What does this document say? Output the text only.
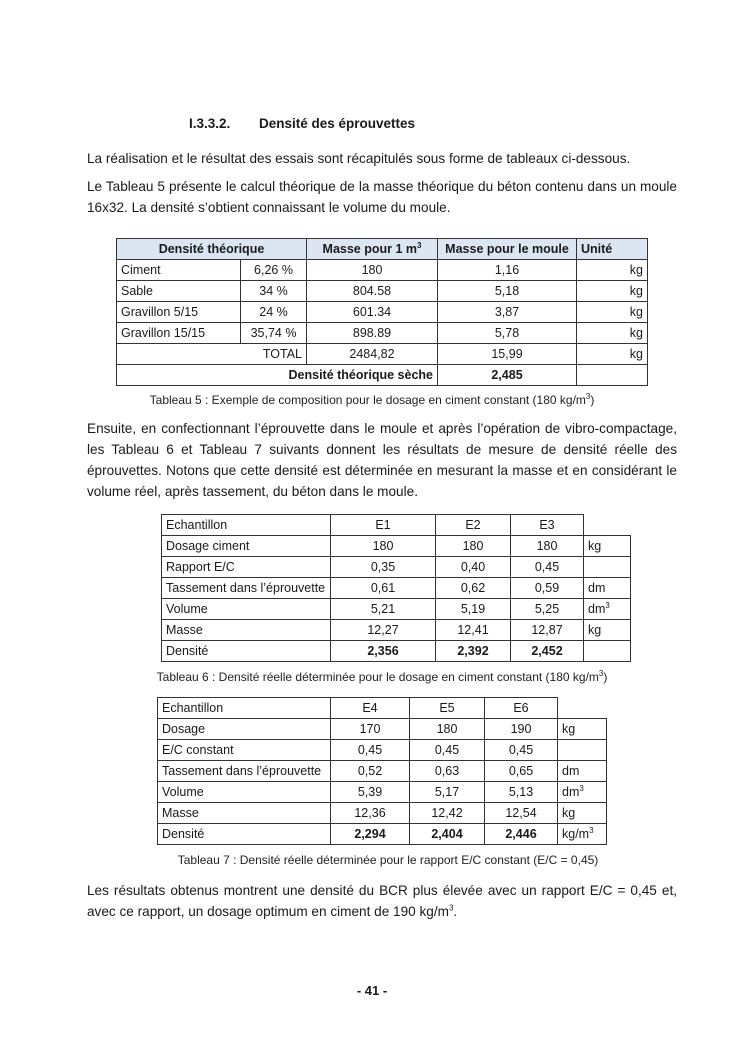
I.3.3.2. Densité des éprouvettes
La réalisation et le résultat des essais sont récapitulés sous forme de tableaux ci-dessous.
Le Tableau 5 présente le calcul théorique de la masse théorique du béton contenu dans un moule 16x32. La densité s’obtient connaissant le volume du moule.
Densité théorique		Masse pour 1 $m^3$	Masse pour le moule	Unité
Ciment	6,26 %	180	1,16	kg
Sable	34 %	804.58	5,18	kg
Gravillon 5/15	24 %	601.34	3,87	kg
Gravillon 15/15	35,74 %	898.89	5,78	kg
TOTAL		2484,82	15,99	kg
Densité théorique sèche			2,485	
Tableau 5 : Exemple de composition pour le dosage en ciment constant (180 $kg/m^3$)
Ensuite, en confectionnant l’éprouvette dans le moule et après l’opération de vibro-compactage, les Tableau 6 et Tableau 7 suivants donnent les résultats de mesure de densité réelle des éprouvettes. Notons que cette densité est déterminée en mesurant la masse et en considérant le volume réel, après tassement, du béton dans le moule.
Echantillon	E1	E2	E3	
Dosage ciment	180	180	180	kg
Rapport E/C	0,35	0,40	0,45	
Tassement dans l’éprouvette	0,61	0,62	0,59	dm
Volume	5,21	5,19	5,25	$dm^3$
Masse	12,27	12,41	12,87	kg
Densité	2,356	2,392	2,452	
Tableau 6 : Densité réelle déterminée pour le dosage en ciment constant (180 $kg/m^3$)
Echantillon	E4	E5	E6	
Dosage	170	180	190	kg
E/C constant	0,45	0,45	0,45	
Tassement dans l’éprouvette	0,52	0,63	0,65	dm
Volume	5,39	5,17	5,13	$dm^3$
Masse	12,36	12,42	12,54	kg
Densité	2,294	2,404	2,446	$kg/m^3$
Tableau 7 : Densité réelle déterminée pour le rapport E/C constant (E/C = 0,45)
Les résultats obtenus montrent une densité du BCR plus élevée avec un rapport E/C = 0,45 et, avec ce rapport, un dosage optimum en ciment de 190 $kg/m^3$.
- 41 -
